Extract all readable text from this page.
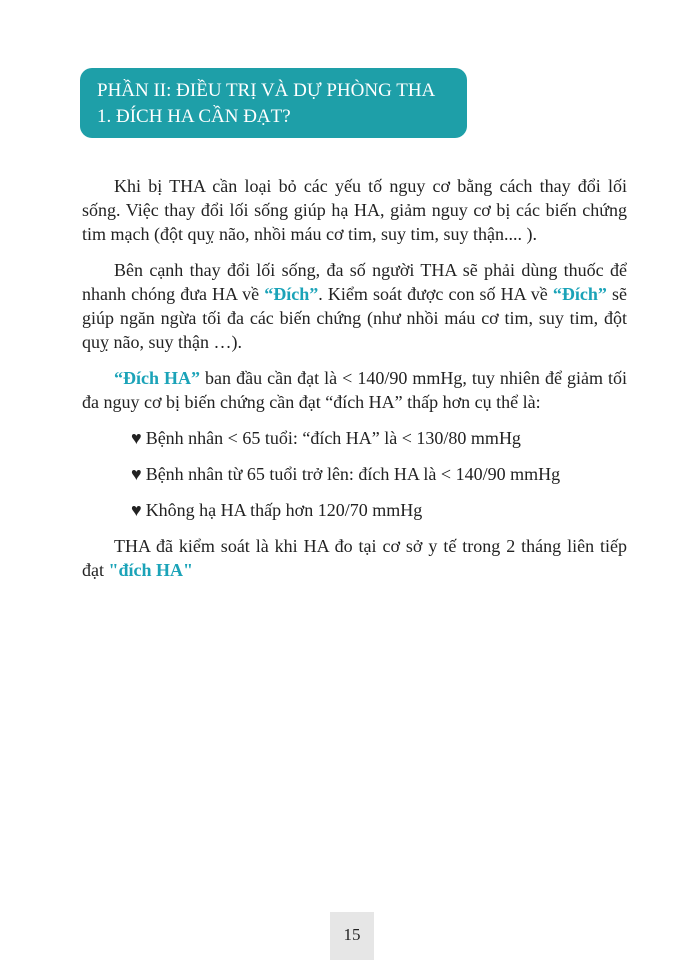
PHẦN II: ĐIỀU TRỊ VÀ DỰ PHÒNG THA
1. ĐÍCH HA CẦN ĐẠT?

Khi bị THA cần loại bỏ các yếu tố nguy cơ bằng cách thay đổi lối sống. Việc thay đổi lối sống giúp hạ HA, giảm nguy cơ bị các biến chứng tim mạch (đột quỵ não, nhồi máu cơ tim, suy tim, suy thận.... ).

Bên cạnh thay đổi lối sống, đa số người THA sẽ phải dùng thuốc để nhanh chóng đưa HA về “Đích”. Kiểm soát được con số HA về “Đích” sẽ giúp ngăn ngừa tối đa các biến chứng (như nhồi máu cơ tim, suy tim, đột quỵ não, suy thận …).

“Đích HA” ban đầu cần đạt là < 140/90 mmHg, tuy nhiên để giảm tối đa nguy cơ bị biến chứng cần đạt “đích HA” thấp hơn cụ thể là:

♥ Bệnh nhân < 65 tuổi: “đích HA” là < 130/80 mmHg
♥ Bệnh nhân từ 65 tuổi trở lên: đích HA là < 140/90 mmHg
♥ Không hạ HA thấp hơn 120/70 mmHg

THA đã kiểm soát là khi HA đo tại cơ sở y tế trong 2 tháng liên tiếp đạt "đích HA"

15
